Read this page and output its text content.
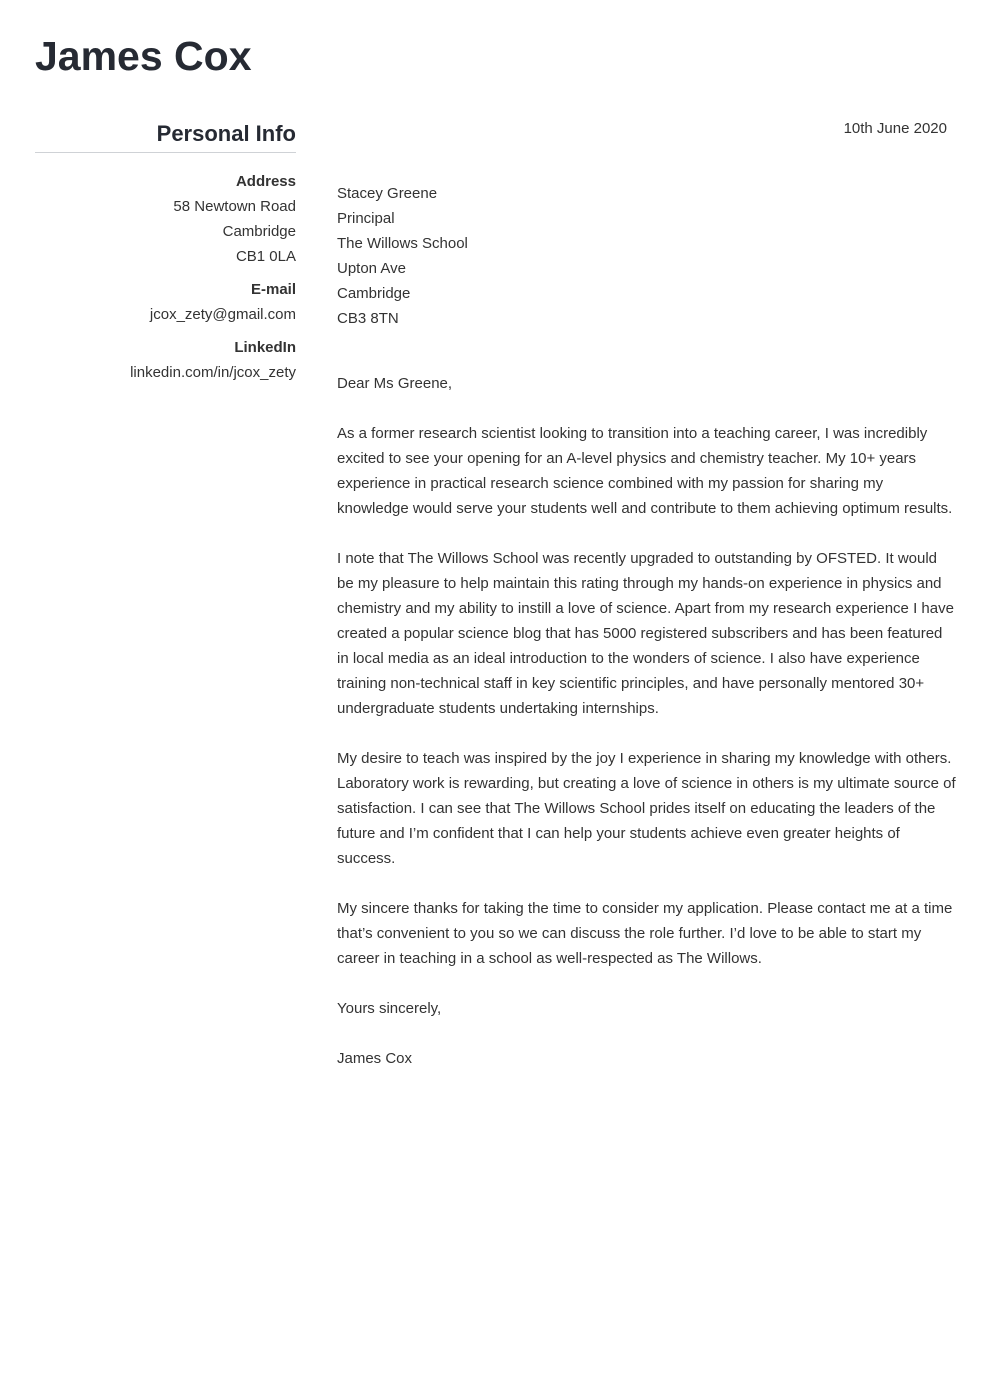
James Cox
Personal Info
Address
58 Newtown Road
Cambridge
CB1 0LA
E-mail
jcox_zety@gmail.com
LinkedIn
linkedin.com/in/jcox_zety
10th June 2020
Stacey Greene
Principal
The Willows School
Upton Ave
Cambridge
CB3 8TN
Dear Ms Greene,

As a former research scientist looking to transition into a teaching career, I was incredibly excited to see your opening for an A-level physics and chemistry teacher. My 10+ years experience in practical research science combined with my passion for sharing my knowledge would serve your students well and contribute to them achieving optimum results.

I note that The Willows School was recently upgraded to outstanding by OFSTED. It would be my pleasure to help maintain this rating through my hands-on experience in physics and chemistry and my ability to instill a love of science. Apart from my research experience I have created a popular science blog that has 5000 registered subscribers and has been featured in local media as an ideal introduction to the wonders of science. I also have experience training non-technical staff in key scientific principles, and have personally mentored 30+ undergraduate students undertaking internships.

My desire to teach was inspired by the joy I experience in sharing my knowledge with others. Laboratory work is rewarding, but creating a love of science in others is my ultimate source of satisfaction. I can see that The Willows School prides itself on educating the leaders of the future and I’m confident that I can help your students achieve even greater heights of success.

My sincere thanks for taking the time to consider my application. Please contact me at a time that’s convenient to you so we can discuss the role further. I’d love to be able to start my career in teaching in a school as well-respected as The Willows.

Yours sincerely,
James Cox
